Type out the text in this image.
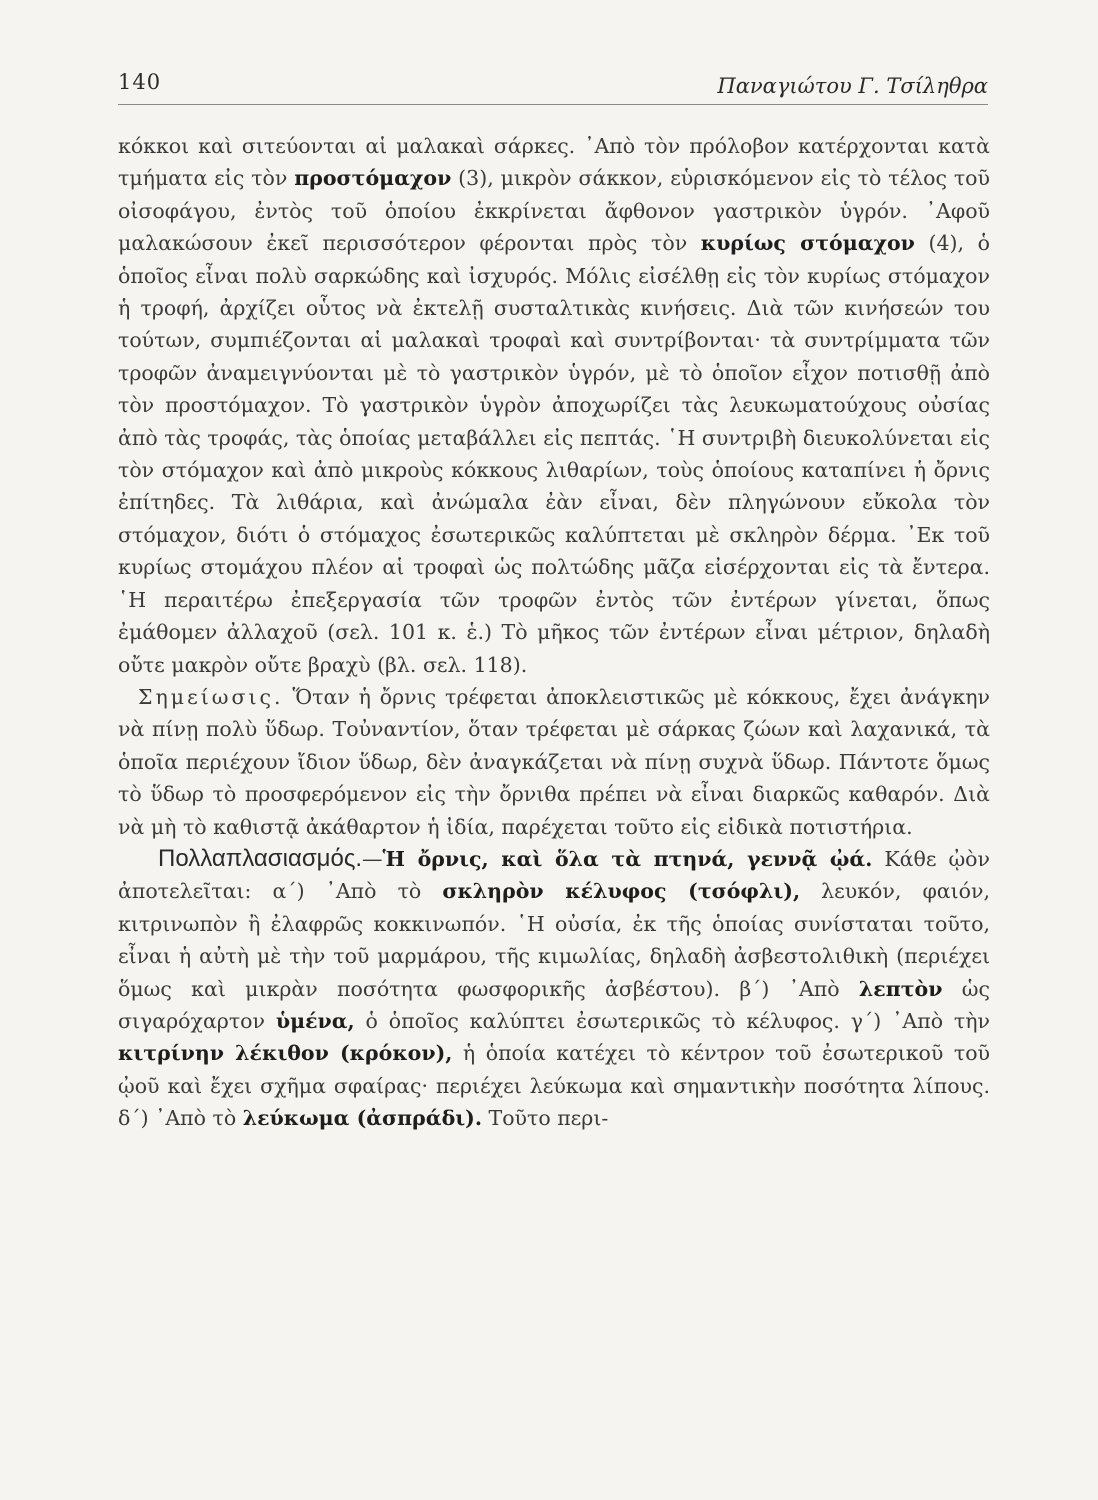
140	Παναγιώτου Γ. Τσίληθρα

κόκκοι καὶ σιτεύονται αἱ μαλακαὶ σάρκες. ᾿Απὸ τὸν πρόλοβον κατέρχονται κατὰ τμήματα εἰς τὸν προστόμαχον (3), μικρὸν σάκκον, εὑρισκόμενον εἰς τὸ τέλος τοῦ οἰσοφάγου, ἐντὸς τοῦ ὁποίου ἐκκρίνεται ἄφθονον γαστρικὸν ὑγρόν. ᾿Αφοῦ μαλακώσουν ἐκεῖ περισσότερον φέρονται πρὸς τὸν κυρίως στόμαχον (4), ὁ ὁποῖος εἶναι πολὺ σαρκώδης καὶ ἰσχυρός. Μόλις εἰσέλθῃ εἰς τὸν κυρίως στόμαχον ἡ τροφή, ἀρχίζει οὗτος νὰ ἐκτελῇ συσταλτικὰς κινήσεις. Διὰ τῶν κινήσεών του τούτων, συμπιέζονται αἱ μαλακαὶ τροφαὶ καὶ συντρίβονται· τὰ συντρίμματα τῶν τροφῶν ἀναμειγνύονται μὲ τὸ γαστρικὸν ὑγρόν, μὲ τὸ ὁποῖον εἶχον ποτισθῇ ἀπὸ τὸν προστόμαχον. Τὸ γαστρικὸν ὑγρὸν ἀποχωρίζει τὰς λευκωματούχους οὐσίας ἀπὸ τὰς τροφάς, τὰς ὁποίας μεταβάλλει εἰς πεπτάς. ῾Η συντριβὴ διευκολύνεται εἰς τὸν στόμαχον καὶ ἀπὸ μικροὺς κόκκους λιθαρίων, τοὺς ὁποίους καταπίνει ἡ ὄρνις ἐπίτηδες. Τὰ λιθάρια, καὶ ἀνώμαλα ἐὰν εἶναι, δὲν πληγώνουν εὔκολα τὸν στόμαχον, διότι ὁ στόμαχος ἐσωτερικῶς καλύπτεται μὲ σκληρὸν δέρμα. ᾿Εκ τοῦ κυρίως στομάχου πλέον αἱ τροφαὶ ὡς πολτώδης μᾶζα εἰσέρχονται εἰς τὰ ἔντερα. ῾Η περαιτέρω ἐπεξεργασία τῶν τροφῶν ἐντὸς τῶν ἐντέρων γίνεται, ὅπως ἐμάθομεν ἀλλαχοῦ (σελ. 101 κ. ἑ.) Τὸ μῆκος τῶν ἐντέρων εἶναι μέτριον, δηλαδὴ οὔτε μακρὸν οὔτε βραχὺ (βλ. σελ. 118).

Σημείωσις. Ὅταν ἡ ὄρνις τρέφεται ἀποκλειστικῶς μὲ κόκκους, ἔχει ἀνάγκην νὰ πίνῃ πολὺ ὕδωρ. Τοὐναντίον, ὅταν τρέφεται μὲ σάρκας ζώων καὶ λαχανικά, τὰ ὁποῖα περιέχουν ἴδιον ὕδωρ, δὲν ἀναγκάζεται νὰ πίνῃ συχνὰ ὕδωρ. Πάντοτε ὅμως τὸ ὕδωρ τὸ προσφερόμενον εἰς τὴν ὄρνιθα πρέπει νὰ εἶναι διαρκῶς καθαρόν. Διὰ νὰ μὴ τὸ καθιστᾷ ἀκάθαρτον ἡ ἰδία, παρέχεται τοῦτο εἰς εἰδικὰ ποτιστήρια.

Πολλαπλασιασμός.—Ἡ ὄρνις, καὶ ὅλα τὰ πτηνά, γεννᾷ ᾠά. Κάθε ᾠὸν ἀποτελεῖται: α΄) ᾿Απὸ τὸ σκληρὸν κέλυφος (τσόφλι), λευκόν, φαιόν, κιτρινωπὸν ἢ ἐλαφρῶς κοκκινωπόν. ῾Η οὐσία, ἐκ τῆς ὁποίας συνίσταται τοῦτο, εἶναι ἡ αὐτὴ μὲ τὴν τοῦ μαρμάρου, τῆς κιμωλίας, δηλαδὴ ἀσβεστολιθικὴ (περιέχει ὅμως καὶ μικρὰν ποσότητα φωσφορικῆς ἀσβέστου). β΄) ᾿Απὸ λεπτὸν ὡς σιγαρόχαρτον ὑμένα, ὁ ὁποῖος καλύπτει ἐσωτερικῶς τὸ κέλυφος. γ΄) ᾿Απὸ τὴν κιτρίνην λέκιθον (κρόκον), ἡ ὁποία κατέχει τὸ κέντρον τοῦ ἐσωτερικοῦ τοῦ ᾠοῦ καὶ ἔχει σχῆμα σφαίρας· περιέχει λεύκωμα καὶ σημαντικὴν ποσότητα λίπους. δ΄) ᾿Απὸ τὸ λεύκωμα (ἀσπράδι). Τοῦτο περι-
